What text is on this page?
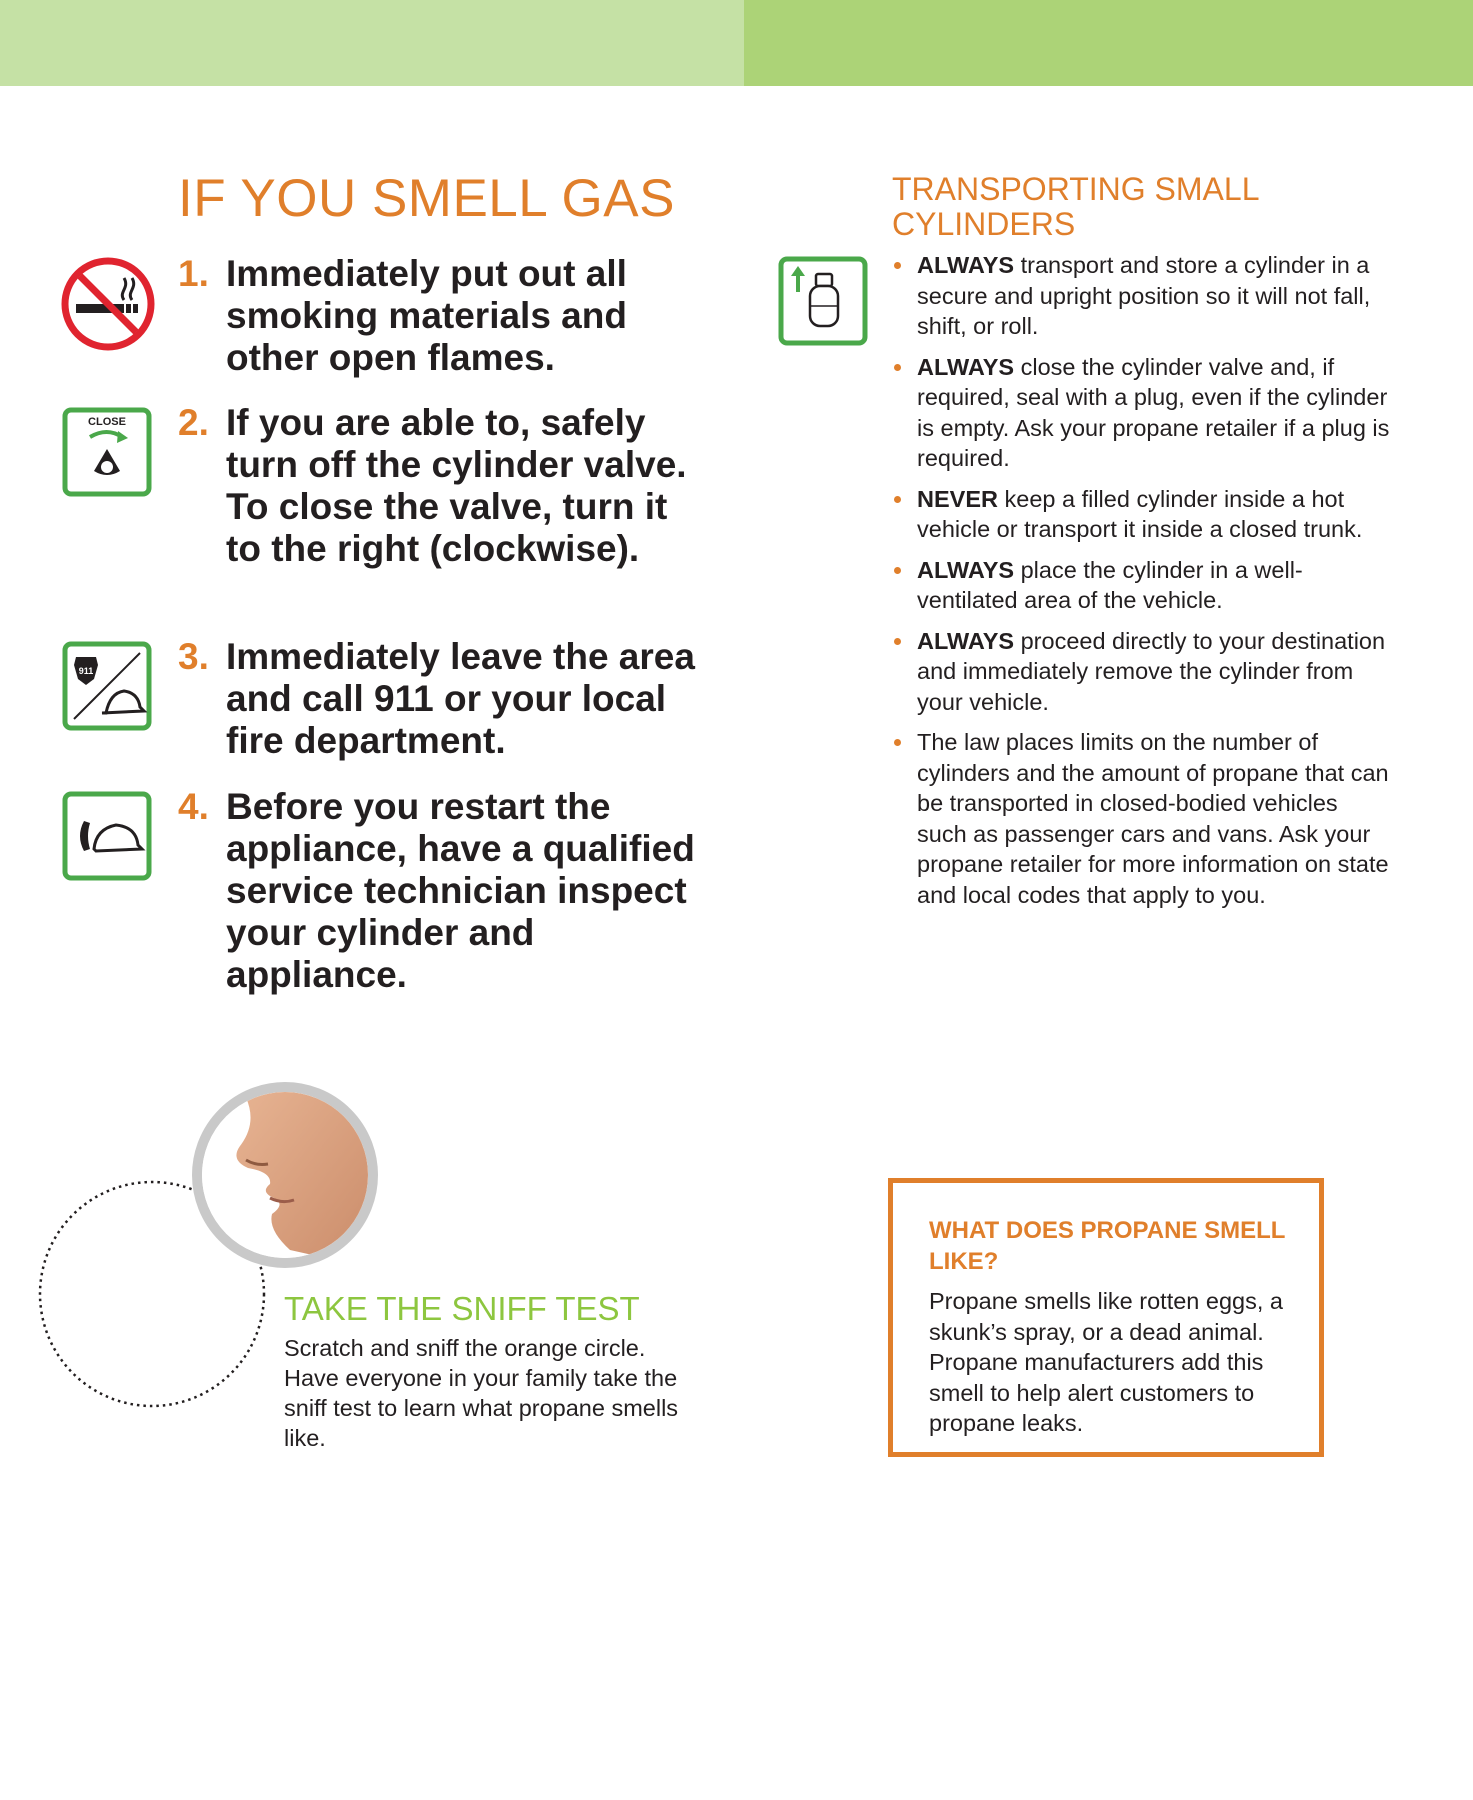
IF YOU SMELL GAS
1. Immediately put out all smoking materials and other open flames.
CLOSE 2. If you are able to, safely turn off the cylinder valve. To close the valve, turn it to the right (clockwise).
911 3. Immediately leave the area and call 911 or your local fire department.
4. Before you restart the appliance, have a qualified service technician inspect your cylinder and appliance.
TRANSPORTING SMALL CYLINDERS
ALWAYS transport and store a cylinder in a secure and upright position so it will not fall, shift, or roll.
ALWAYS close the cylinder valve and, if required, seal with a plug, even if the cylinder is empty. Ask your propane retailer if a plug is required.
NEVER keep a filled cylinder inside a hot vehicle or transport it inside a closed trunk.
ALWAYS place the cylinder in a well-ventilated area of the vehicle.
ALWAYS proceed directly to your destination and immediately remove the cylinder from your vehicle.
The law places limits on the number of cylinders and the amount of propane that can be transported in closed-bodied vehicles such as passenger cars and vans. Ask your propane retailer for more information on state and local codes that apply to you.
TAKE THE SNIFF TEST

Scratch and sniff the orange circle. Have everyone in your family take the sniff test to learn what propane smells like.

WHAT DOES PROPANE SMELL LIKE?

Propane smells like rotten eggs, a skunk’s spray, or a dead animal. Propane manufacturers add this smell to help alert customers to propane leaks.
